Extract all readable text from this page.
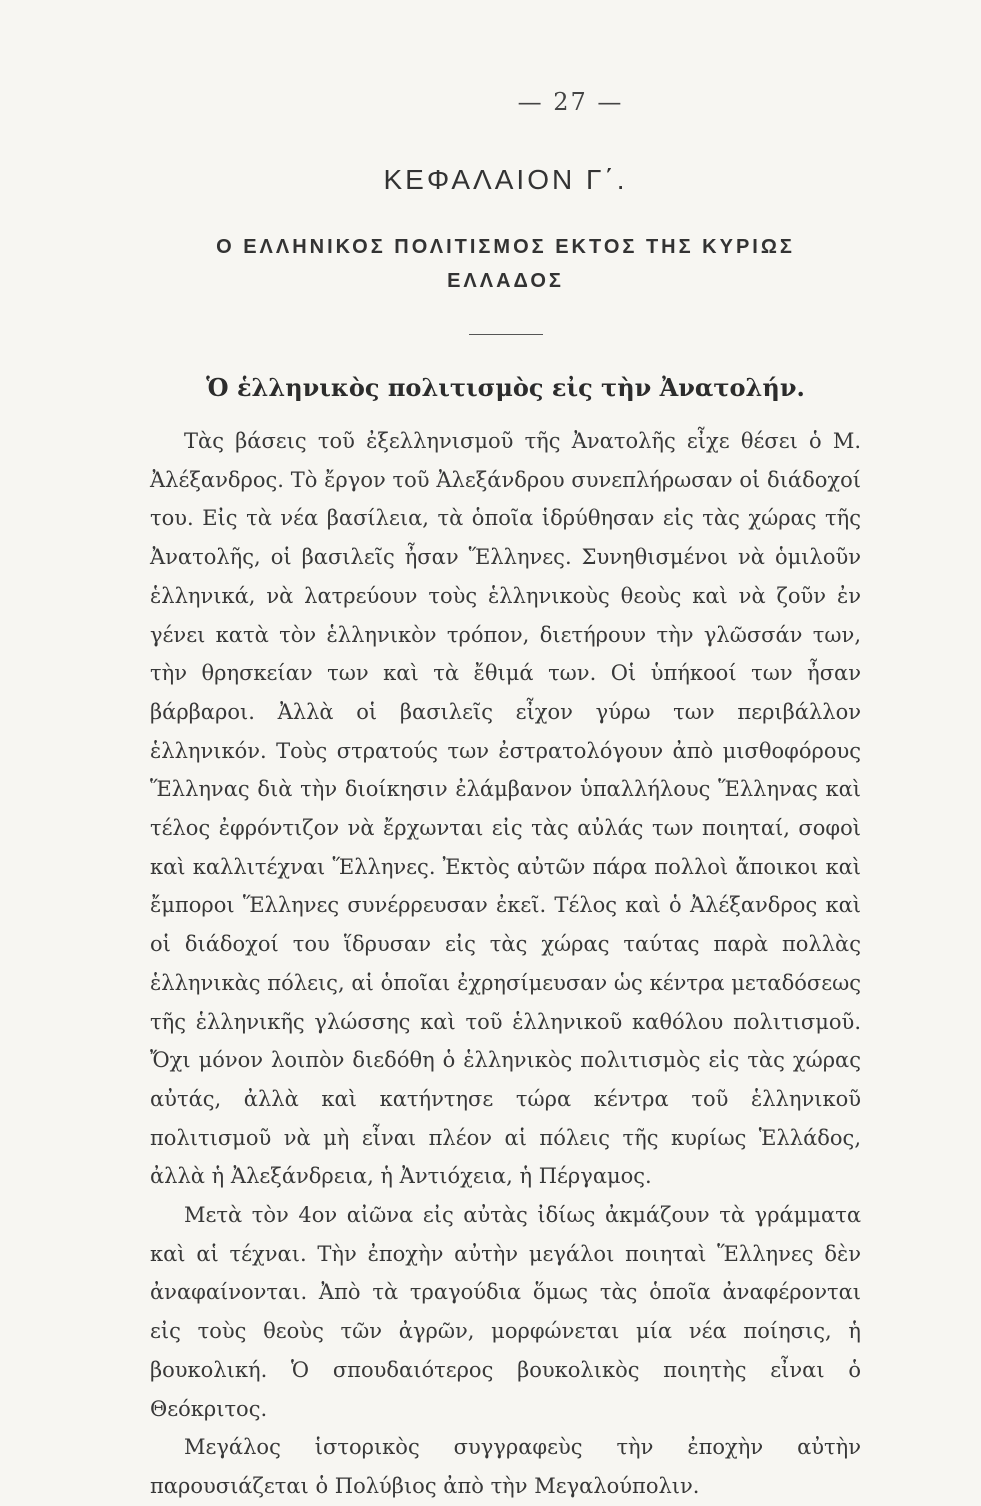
— 27 —
ΚΕΦΑΛΑΙΟΝ Γ΄.
Ο ΕΛΛΗΝΙΚΟΣ ΠΟΛΙΤΙΣΜΟΣ ΕΚΤΟΣ ΤΗΣ ΚΥΡΙΩΣ
ΕΛΛΑΔΟΣ
Ὁ ἑλληνικὸς πολιτισμὸς εἰς τὴν Ἀνατολήν.

Τὰς βάσεις τοῦ ἐξελληνισμοῦ τῆς Ἀνατολῆς εἶχε θέσει ὁ Μ. Ἀλέξανδρος. Τὸ ἔργον τοῦ Ἀλεξάνδρου συνεπλήρωσαν οἱ διάδοχοί του. Εἰς τὰ νέα βασίλεια, τὰ ὁποῖα ἱδρύθησαν εἰς τὰς χώρας τῆς Ἀνατολῆς, οἱ βασιλεῖς ἦσαν Ἕλληνες. Συνηθισμένοι νὰ ὁμιλοῦν ἑλληνικά, νὰ λατρεύουν τοὺς ἑλληνικοὺς θεοὺς καὶ νὰ ζοῦν ἐν γένει κατὰ τὸν ἑλληνικὸν τρόπον, διετήρουν τὴν γλῶσσάν των, τὴν θρησκείαν των καὶ τὰ ἔθιμά των. Οἱ ὑπήκοοί των ἦσαν βάρβαροι. Ἀλλὰ οἱ βασιλεῖς εἶχον γύρω των περιβάλλον ἑλληνικόν. Τοὺς στρατούς των ἐστρατολόγουν ἀπὸ μισθοφόρους Ἕλληνας διὰ τὴν διοίκησιν ἐλάμβανον ὑπαλλήλους Ἕλληνας καὶ τέλος ἐφρόντιζον νὰ ἔρχωνται εἰς τὰς αὐλάς των ποιηταί, σοφοὶ καὶ καλλιτέχναι Ἕλληνες. Ἐκτὸς αὐτῶν πάρα πολλοὶ ἄποικοι καὶ ἔμποροι Ἕλληνες συνέρρευσαν ἐκεῖ. Τέλος καὶ ὁ Ἀλέξανδρος καὶ οἱ διάδοχοί του ἵδρυσαν εἰς τὰς χώρας ταύτας παρὰ πολλὰς ἑλληνικὰς πόλεις, αἱ ὁποῖαι ἐχρησίμευσαν ὡς κέντρα μεταδόσεως τῆς ἑλληνικῆς γλώσσης καὶ τοῦ ἑλληνικοῦ καθόλου πολιτισμοῦ. Ὄχι μόνον λοιπὸν διεδόθη ὁ ἑλληνικὸς πολιτισμὸς εἰς τὰς χώρας αὐτάς, ἀλλὰ καὶ κατήντησε τώρα κέντρα τοῦ ἑλληνικοῦ πολιτισμοῦ νὰ μὴ εἶναι πλέον αἱ πόλεις τῆς κυρίως Ἑλλάδος, ἀλλὰ ἡ Ἀλεξάνδρεια, ἡ Ἀντιόχεια, ἡ Πέργαμος.

Μετὰ τὸν 4ον αἰῶνα εἰς αὐτὰς ἰδίως ἀκμάζουν τὰ γράμματα καὶ αἱ τέχναι. Τὴν ἐποχὴν αὐτὴν μεγάλοι ποιηταὶ Ἕλληνες δὲν ἀναφαίνονται. Ἀπὸ τὰ τραγούδια ὅμως τὰς ὁποῖα ἀναφέρονται εἰς τοὺς θεοὺς τῶν ἀγρῶν, μορφώνεται μία νέα ποίησις, ἡ βουκολική. Ὁ σπουδαιότερος βουκολικὸς ποιητὴς εἶναι ὁ Θεόκριτος.

Μεγάλος ἱστορικὸς συγγραφεὺς τὴν ἐποχὴν αὐτὴν παρουσιάζεται ὁ Πολύβιος ἀπὸ τὴν Μεγαλούπολιν.
